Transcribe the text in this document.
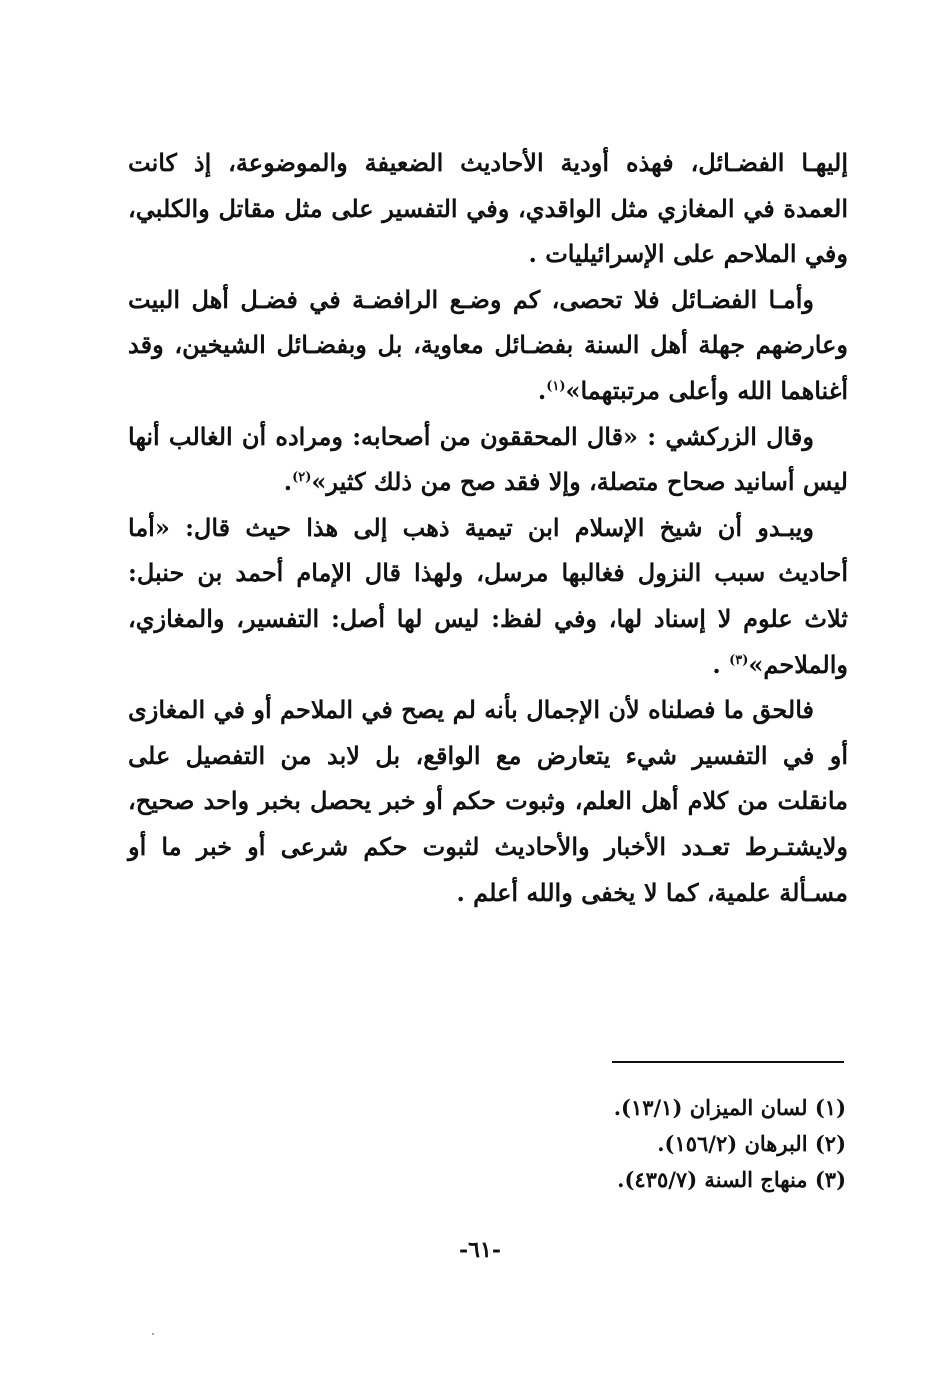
إليهـا الفضـائل، فهذه أودية الأحاديث الضعيفة والموضوعة، إذ كانت العمدة في المغازي مثل الواقدي، وفي التفسير على مثل مقاتل والكلبي، وفي الملاحم على الإسرائيليات .

وأمـا الفضـائل فلا تحصى، كم وضـع الرافضـة في فضـل أهل البيت وعارضهم جهلة أهل السنة بفضـائل معاوية، بل وبفضـائل الشيخين، وقد أغناهما الله وأعلى مرتبتهما»$^{(١)}$.

وقال الزركشي : «قال المحققون من أصحابه: ومراده أن الغالب أنها ليس أسانيد صحاح متصلة، وإلا فقد صح من ذلك كثير»$^{(٢)}$.

ويبـدو أن شيخ الإسلام ابن تيمية ذهب إلى هذا حيث قال: «أما أحاديث سبب النزول فغالبها مرسل، ولهذا قال الإمام أحمد بن حنبل: ثلاث علوم لا إسناد لها، وفي لفظ: ليس لها أصل: التفسير، والمغازي، والملاحم»$^{(٣)}$ .

فالحق ما فصلناه لأن الإجمال بأنه لم يصح في الملاحم أو في المغازى أو في التفسير شيء يتعارض مع الواقع، بل لابد من التفصيل على مانقلت من كلام أهل العلم، وثبوت حكم أو خبر يحصل بخبر واحد صحيح، ولايشتـرط تعـدد الأخبار والأحاديث لثبوت حكم شرعى أو خبر ما أو مسـألة علمية، كما لا يخفى والله أعلم .

(١) لسان الميزان (١٣/١).

(٢) البرهان (١٥٦/٢).

(٣) منهاج السنة (٤٣٥/٧).

-٦١-
